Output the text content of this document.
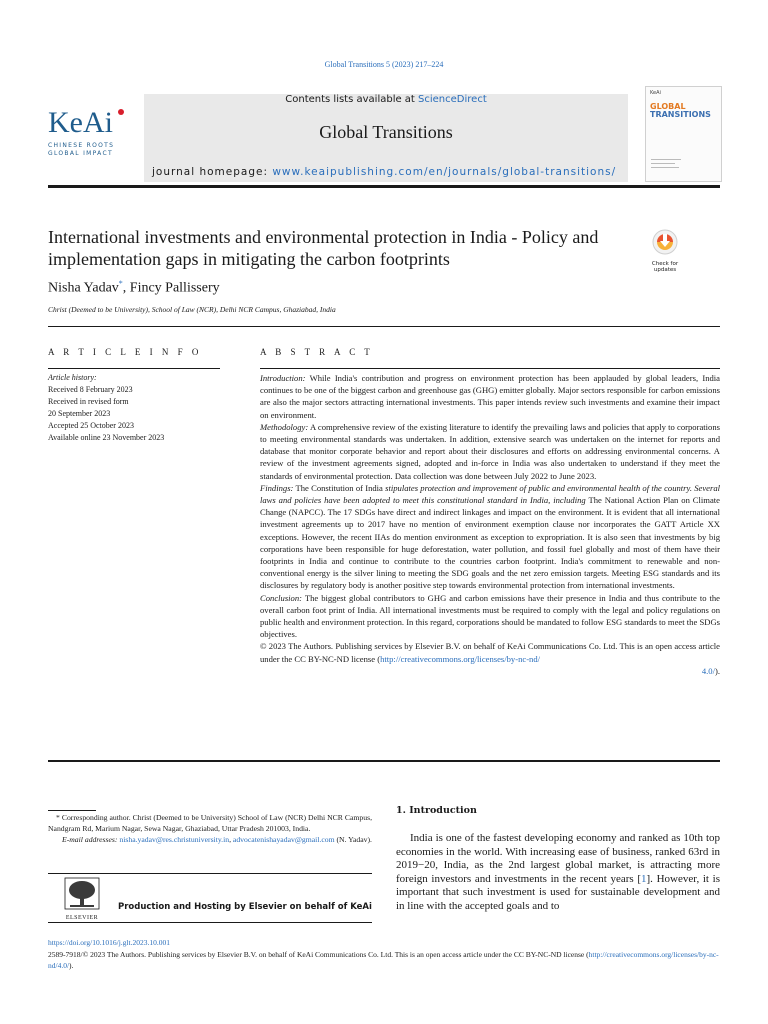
Global Transitions 5 (2023) 217–224
Contents lists available at ScienceDirect
Global Transitions
journal homepage: www.keaipublishing.com/en/journals/global-transitions/
KeAi
CHINESE ROOTS
GLOBAL IMPACT
KeAi
GLOBAL
TRANSITIONS
International investments and environmental protection in India - Policy and implementation gaps in mitigating the carbon footprints	Check for
updates
Nisha Yadav*, Fincy Pallissery
Christ (Deemed to be University), School of Law (NCR), Delhi NCR Campus, Ghaziabad, India
A R T I C L E I N F O	A B S T R A C T
Article history:
Received 8 February 2023
Received in revised form
20 September 2023
Accepted 25 October 2023
Available online 23 November 2023

Introduction: While India's contribution and progress on environment protection has been applauded by global leaders, India continues to be one of the biggest carbon and greenhouse gas (GHG) emitter globally. Major sectors responsible for carbon emissions are also the major sectors attracting international investments. This paper intends review such investments and examine their impact on environment.

Methodology: A comprehensive review of the existing literature to identify the prevailing laws and policies that apply to corporations to meeting environmental standards was undertaken. In addition, extensive search was undertaken on the internet for reports and database that monitor corporate behavior and report about their disclosures and efforts on addressing environmental concerns. A review of the investment agreements signed, adopted and in-force in India was also undertaken to understand if they meet the standards of environmental protection. Data collection was done between July 2022 to June 2023.

Findings: The Constitution of India stipulates protection and improvement of public and environmental health of the country. Several laws and policies have been adopted to meet this constitutional standard in India, including The National Action Plan on Climate Change (NAPCC). The 17 SDGs have direct and indirect linkages and impact on the environment. It is evident that all international investment agreements up to 2017 have no mention of environment exemption clause nor incorporates the GATT Article XX exceptions. However, the recent IIAs do mention environment as exception to expropriation. It is also seen that investments by big corporations have been responsible for huge deforestation, water pollution, and fossil fuel globally and most of them have their footprints in India and continue to contribute to the countries carbon footprint. India's commitment to renewable and non-conventional energy is the silver lining to meeting the SDG goals and the net zero emission targets. Meeting ESG standards and its disclosures by regulatory body is another positive step towards environmental protection from international investments.

Conclusion: The biggest global contributors to GHG and carbon emissions have their presence in India and thus contribute to the overall carbon foot print of India. All international investments must be required to comply with the legal and policy regulations on public health and environment protection. In this regard, corporations should be mandated to follow ESG standards to meet the SDGs objectives.

© 2023 The Authors. Publishing services by Elsevier B.V. on behalf of KeAi Communications Co. Ltd. This is an open access article under the CC BY-NC-ND license (http://creativecommons.org/licenses/by-nc-nd/

4.0/).

* Corresponding author. Christ (Deemed to be University) School of Law (NCR) Delhi NCR Campus, Nandgram Rd, Marium Nagar, Sewa Nagar, Ghaziabad, Uttar Pradesh 201003, India.

E-mail addresses: nisha.yadav@res.christuniversity.in, advocatenishayadav@gmail.com (N. Yadav).

ELSEVIER
Production and Hosting by Elsevier on behalf of KeAi
1. Introduction
India is one of the fastest developing economy and ranked as 10th top economies in the world. With increasing ease of business, ranked 63rd in 2019−20, India, as the 2nd largest global market, is attracting more foreign investors and investments in the recent years [1]. However, it is important that such investment is used for sustainable development and in line with the accepted goals and to
https://doi.org/10.1016/j.glt.2023.10.001
2589-7918/© 2023 The Authors. Publishing services by Elsevier B.V. on behalf of KeAi Communications Co. Ltd. This is an open access article under the CC BY-NC-ND license (http://creativecommons.org/licenses/by-nc-nd/4.0/).
